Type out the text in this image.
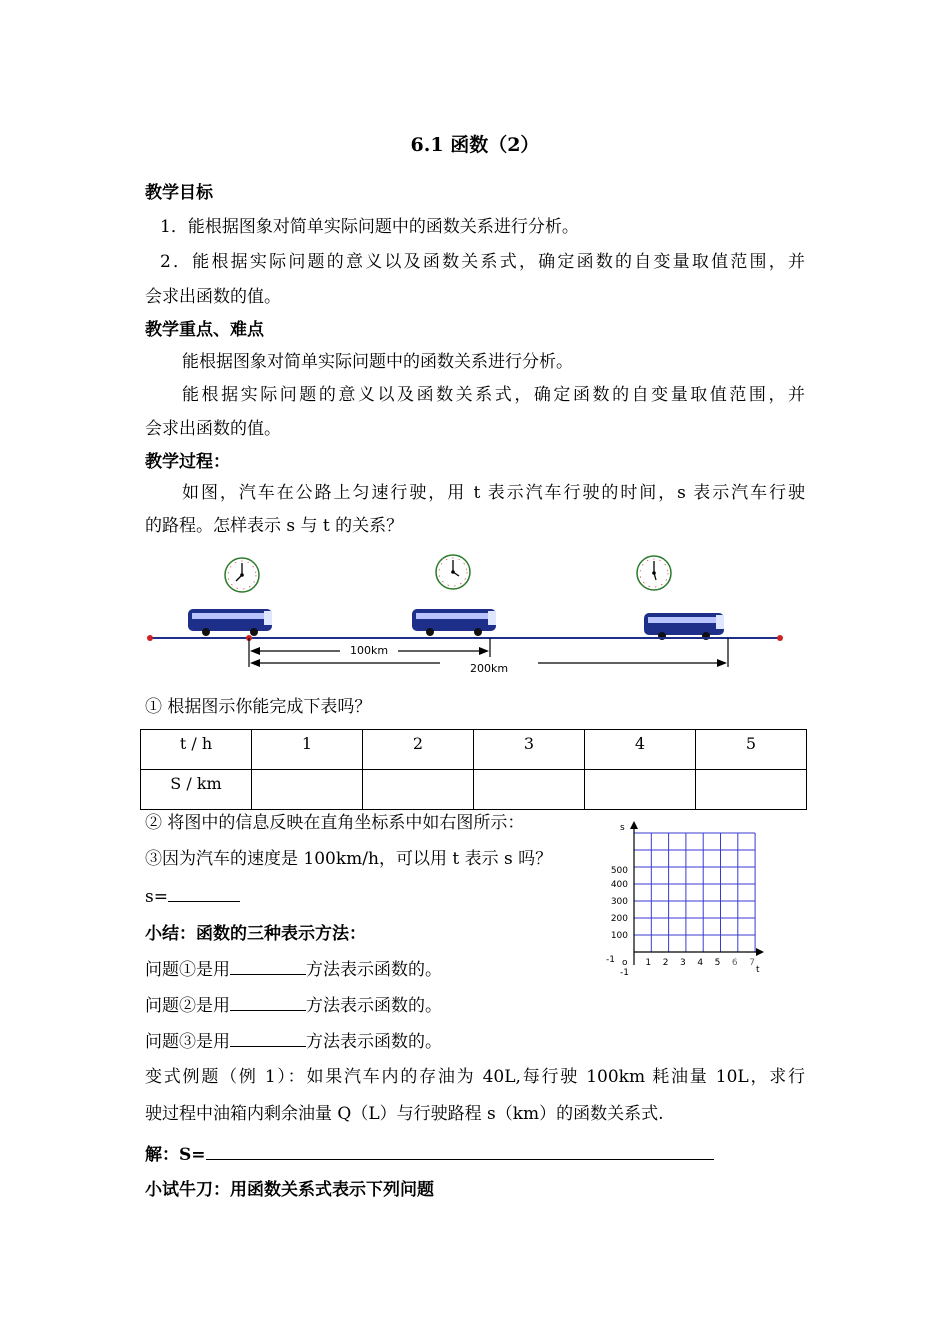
6.1 函数（2）
教学目标
1．能根据图象对简单实际问题中的函数关系进行分析。
2．能根据实际问题的意义以及函数关系式，确定函数的自变量取值范围，并
会求出函数的值。
教学重点、难点
能根据图象对简单实际问题中的函数关系进行分析。
能根据实际问题的意义以及函数关系式，确定函数的自变量取值范围，并
会求出函数的值。
教学过程：
如图，汽车在公路上匀速行驶，用 t 表示汽车行驶的时间，s 表示汽车行驶
的路程。怎样表示 s 与 t 的关系？
100km
200km
① 根据图示你能完成下表吗？
t / h	1	2	3	4	5
S / km					
② 将图中的信息反映在直角坐标系中如右图所示：
③因为汽车的速度是 100km/h，可以用 t 表示 s 吗？
s=
小结：函数的三种表示方法：
问题①是用	方法表示函数的。
问题②是用	方法表示函数的。
问题③是用	方法表示函数的。
变式例题（例 1）：如果汽车内的存油为 40L,每行驶 100km 耗油量 10L，求行
驶过程中油箱内剩余油量 Q（L）与行驶路程 s（km）的函数关系式.
解：S=
小试牛刀：用函数关系式表示下列问题
s
t
-1
-1
o
500
400
300
200
100
1 2 3 4 5 6 7
